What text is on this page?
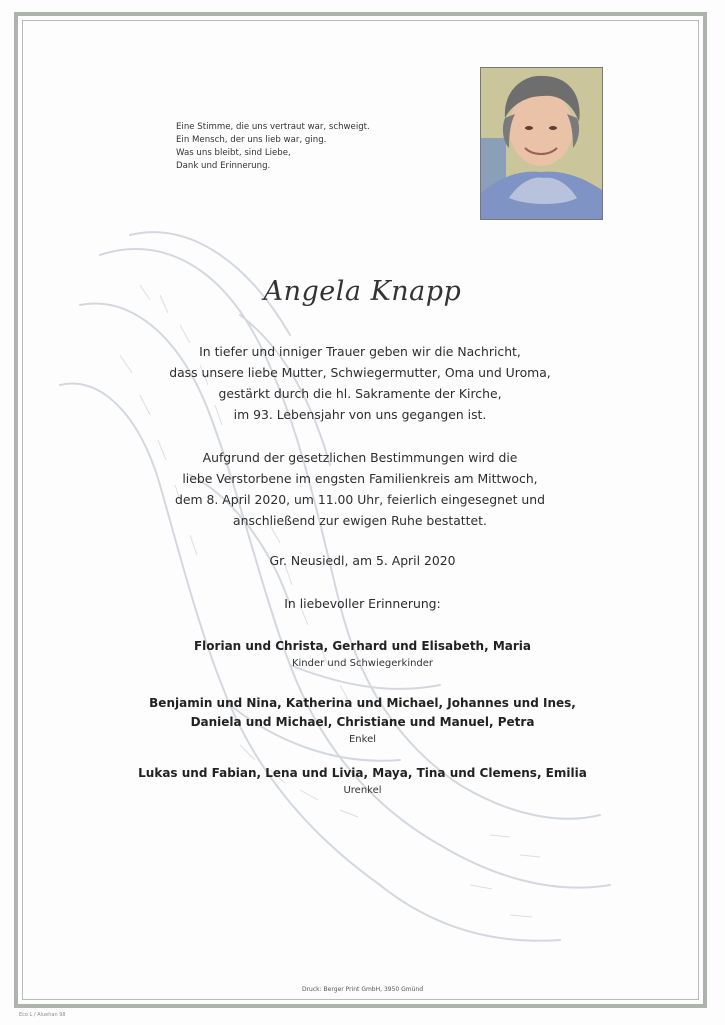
Eine Stimme, die uns vertraut war, schweigt.
Ein Mensch, der uns lieb war, ging.
Was uns bleibt, sind Liebe,
Dank und Erinnerung.
Angela Knapp
In tiefer und inniger Trauer geben wir die Nachricht,
dass unsere liebe Mutter, Schwiegermutter, Oma und Uroma,
gestärkt durch die hl. Sakramente der Kirche,
im 93. Lebensjahr von uns gegangen ist.
Aufgrund der gesetzlichen Bestimmungen wird die
liebe Verstorbene im engsten Familienkreis am Mittwoch,
dem 8. April 2020, um 11.00 Uhr, feierlich eingesegnet und
anschließend zur ewigen Ruhe bestattet.
Gr. Neusiedl, am 5. April 2020
In liebevoller Erinnerung:
Florian und Christa, Gerhard und Elisabeth, Maria
Kinder und Schwiegerkinder
Benjamin und Nina, Katherina und Michael, Johannes und Ines,
Daniela und Michael, Christiane und Manuel, Petra
Enkel
Lukas und Fabian, Lena und Livia, Maya, Tina und Clemens, Emilia
Urenkel
Druck: Berger Print GmbH, 3950 Gmünd
Eco L / Aluehan 98
